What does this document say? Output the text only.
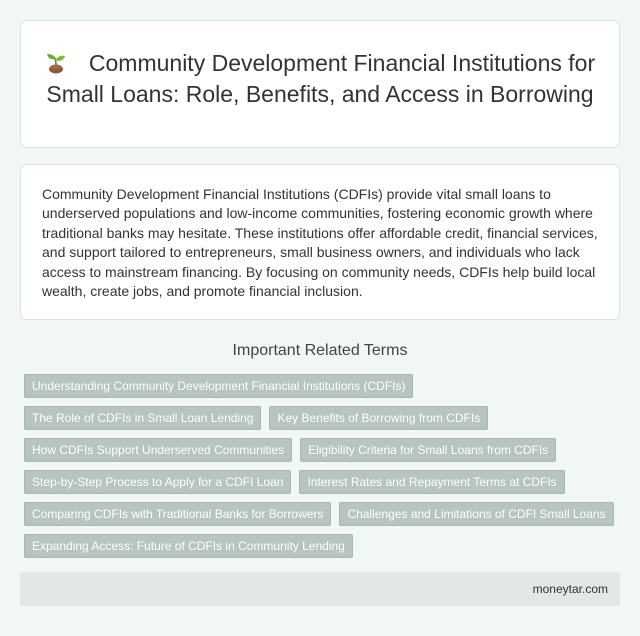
Community Development Financial Institutions for Small Loans: Role, Benefits, and Access in Borrowing

Community Development Financial Institutions (CDFIs) provide vital small loans to underserved populations and low-income communities, fostering economic growth where traditional banks may hesitate. These institutions offer affordable credit, financial services, and support tailored to entrepreneurs, small business owners, and individuals who lack access to mainstream financing. By focusing on community needs, CDFIs help build local wealth, create jobs, and promote financial inclusion.

Important Related Terms
Understanding Community Development Financial Institutions (CDFIs)
The Role of CDFIs in Small Loan Lending	Key Benefits of Borrowing from CDFIs
How CDFIs Support Underserved Communities	Eligibility Criteria for Small Loans from CDFIs
Step-by-Step Process to Apply for a CDFI Loan	Interest Rates and Repayment Terms at CDFIs
Comparing CDFIs with Traditional Banks for Borrowers	Challenges and Limitations of CDFI Small Loans
Expanding Access: Future of CDFIs in Community Lending
moneytar.com
